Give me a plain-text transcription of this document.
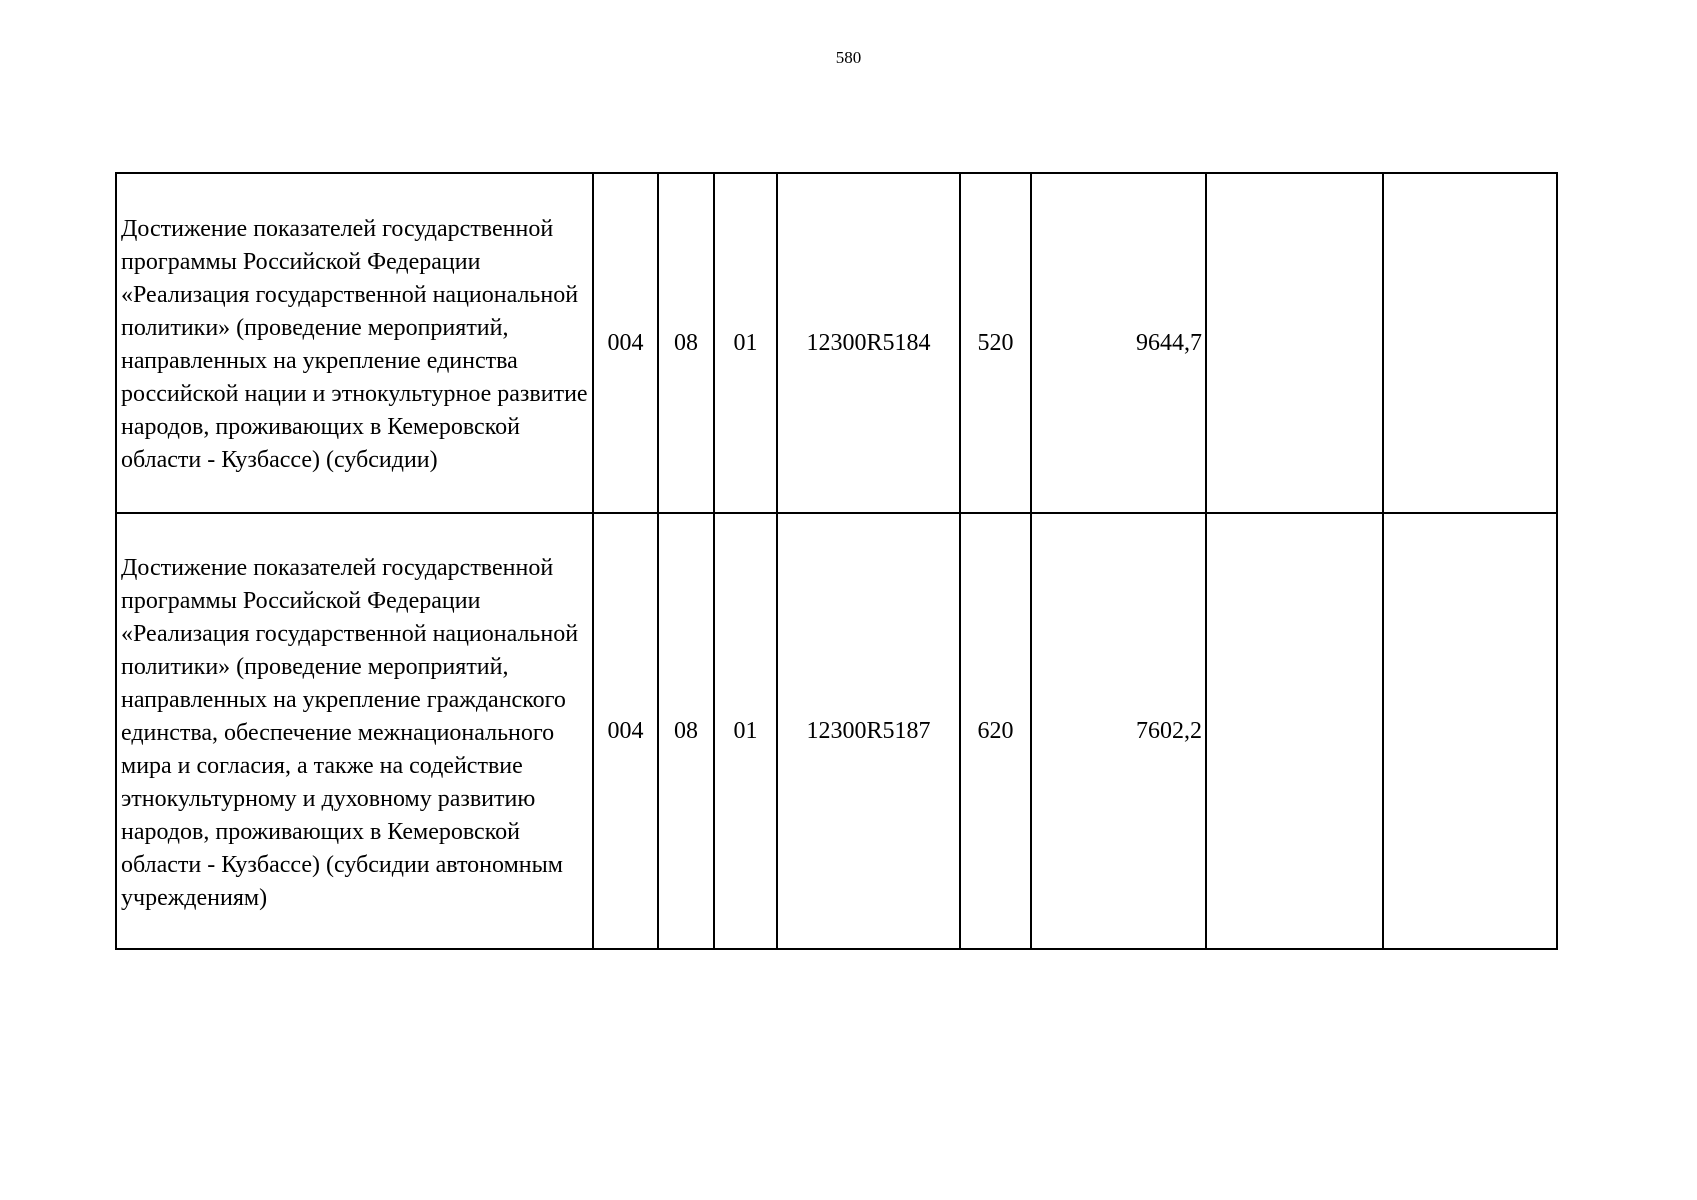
580
Достижение показателей государственной программы Российской Федерации «Реализация государственной национальной политики» (проведение мероприятий, направленных на укрепление единства российской нации и этнокультурное развитие народов, проживающих в Кемеровской области - Кузбассе) (субсидии)	004	08	01	12300R5184	520	9644,7		
Достижение показателей государственной программы Российской Федерации «Реализация государственной национальной политики» (проведение мероприятий, направленных на укрепление гражданского единства, обеспечение межнационального мира и согласия, а также на содействие этнокультурному и духовному развитию народов, проживающих в Кемеровской области - Кузбассе) (субсидии автономным учреждениям)	004	08	01	12300R5187	620	7602,2		
